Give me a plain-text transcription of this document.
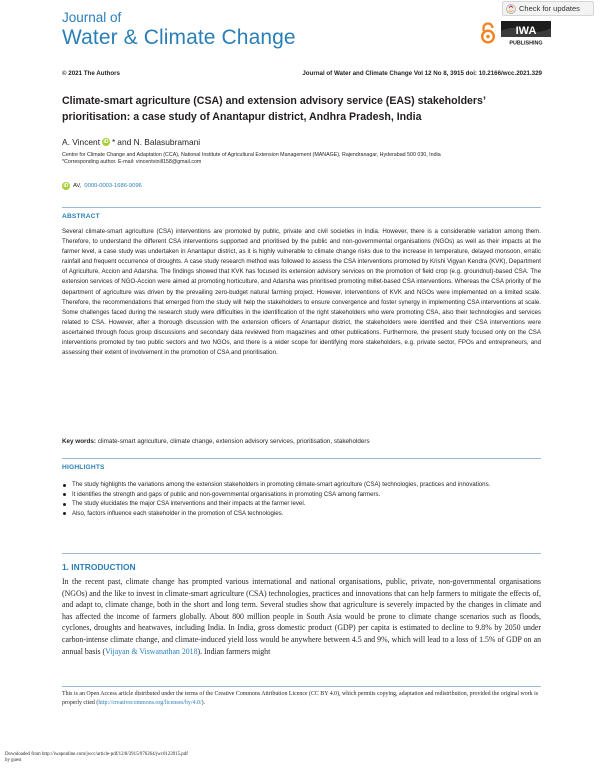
Journal of
Water & Climate Change
Check for updates
IWA
PUBLISHING
© 2021 The Authors	Journal of Water and Climate Change Vol 12 No 8, 3915 doi: 10.2166/wcc.2021.329
Climate-smart agriculture (CSA) and extension advisory service (EAS) stakeholders’ prioritisation: a case study of Anantapur district, Andhra Pradesh, India
A. Vincent iD * and N. Balasubramani
Centre for Climate Change and Adaptation (CCA), National Institute of Agricultural Extension Management (MANAGE), Rajendranagar, Hyderabad 500 030, India
*Corresponding author. E-mail: vincentvinill158@gmail.com
iD AV, 0000-0003-1686-9096
ABSTRACT
Several climate-smart agriculture (CSA) interventions are promoted by public, private and civil societies in India. However, there is a considerable variation among them. Therefore, to understand the different CSA interventions supported and prioritised by the public and non-governmental organisations (NGOs) as well as their impacts at the farmer level, a case study was undertaken in Anantapur district, as it is highly vulnerable to climate change risks due to the increase in temperature, delayed monsoon, erratic rainfall and frequent occurrence of droughts. A case study research method was followed to assess the CSA interventions promoted by Krishi Vigyan Kendra (KVK), Department of Agriculture, Accion and Adarsha. The findings showed that KVK has focused its extension advisory services on the promotion of field crop (e.g. groundnut)-based CSA. The extension services of NGO-Accion were aimed at promoting horticulture, and Adarsha was prioritised promoting millet-based CSA interventions. Whereas the CSA priority of the department of agriculture was driven by the prevailing zero-budget natural farming project. However, interventions of KVK and NGOs were implemented on a limited scale. Therefore, the recommendations that emerged from the study will help the stakeholders to ensure convergence and foster synergy in implementing CSA interventions at scale. Some challenges faced during the research study were difficulties in the identification of the right stakeholders who were promoting CSA, also their technologies and services related to CSA. However, after a thorough discussion with the extension officers of Anantapur district, the stakeholders were identified and their CSA interventions were ascertained through focus group discussions and secondary data reviewed from magazines and other publications. Furthermore, the present study focused only on the CSA interventions promoted by two public sectors and two NGOs, and there is a wider scope for identifying more stakeholders, e.g. private sector, FPOs and entrepreneurs, and assessing their extent of involvement in the promotion of CSA and prioritisation.
Key words: climate-smart agriculture, climate change, extension advisory services, prioritisation, stakeholders
HIGHLIGHTS
The study highlights the variations among the extension stakeholders in promoting climate-smart agriculture (CSA) technologies, practices and innovations.
It identifies the strength and gaps of public and non-governmental organisations in promoting CSA among farmers.
The study elucidates the major CSA interventions and their impacts at the farmer level.
Also, factors influence each stakeholder in the promotion of CSA technologies.
1. INTRODUCTION
In the recent past, climate change has prompted various international and national organisations, public, private, non-governmental organisations (NGOs) and the like to invest in climate-smart agriculture (CSA) technologies, practices and innovations that can help farmers to mitigate the effects of, and adapt to, climate change, both in the short and long term. Several studies show that agriculture is severely impacted by the changes in climate and has affected the income of farmers globally. About 800 million people in South Asia would be prone to climate change scenarios such as floods, cyclones, droughts and heatwaves, including India. In India, gross domestic product (GDP) per capita is estimated to decline to 9.8% by 2050 under carbon-intense climate change, and climate-induced yield loss would be anywhere between 4.5 and 9%, which will lead to a loss of 1.5% of GDP on an annual basis (Vijayan & Viswanathan 2018). Indian farmers might
This is an Open Access article distributed under the terms of the Creative Commons Attribution Licence (CC BY 4.0), which permits copying, adaptation and redistribution, provided the original work is properly cited (http://creativecommons.org/licenses/by/4.0/).
Downloaded from http://iwaponline.com/jwcc/article-pdf/12/8/3915/976264/jwc0123915.pdf
by guest
